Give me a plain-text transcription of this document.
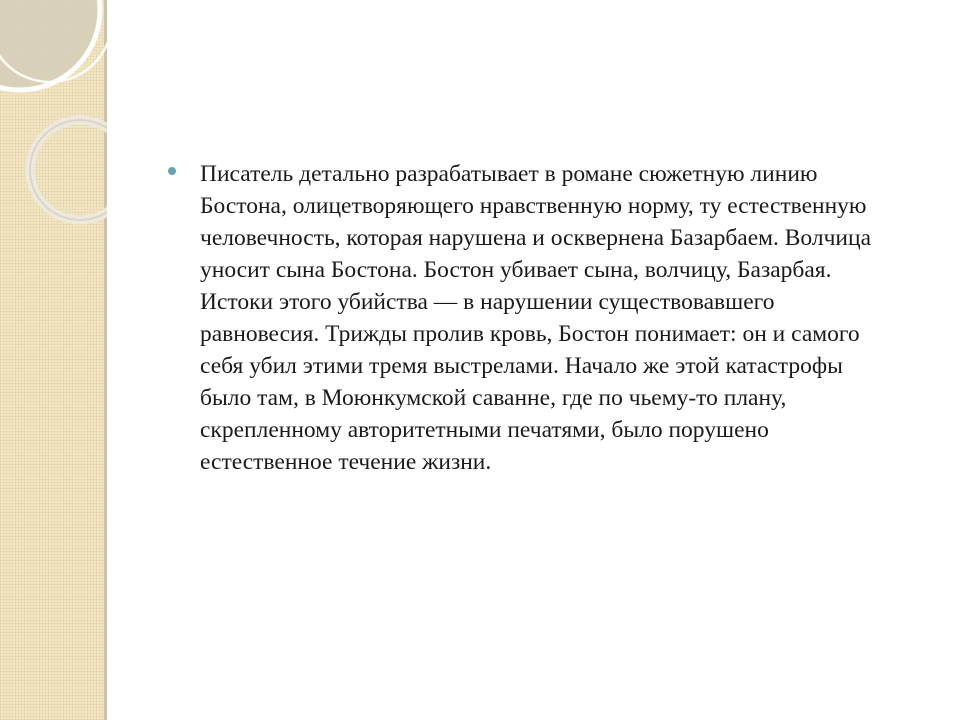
Писатель детально разрабатывает в романе сюжетную линию Бостона, олицетворяющего нравственную норму, ту естественную человечность, которая нарушена и осквернена Базарбаем. Волчица уносит сына Бостона. Бостон убивает сына, волчицу, Базарбая. Истоки этого убийства — в нарушении существовавшего равновесия. Трижды пролив кровь, Бостон понимает: он и самого себя убил этими тремя выстрелами. Начало же этой катастрофы было там, в Моюнкумской саванне, где по чьему-то плану, скрепленному авторитетными печатями, было порушено естественное течение жизни.
